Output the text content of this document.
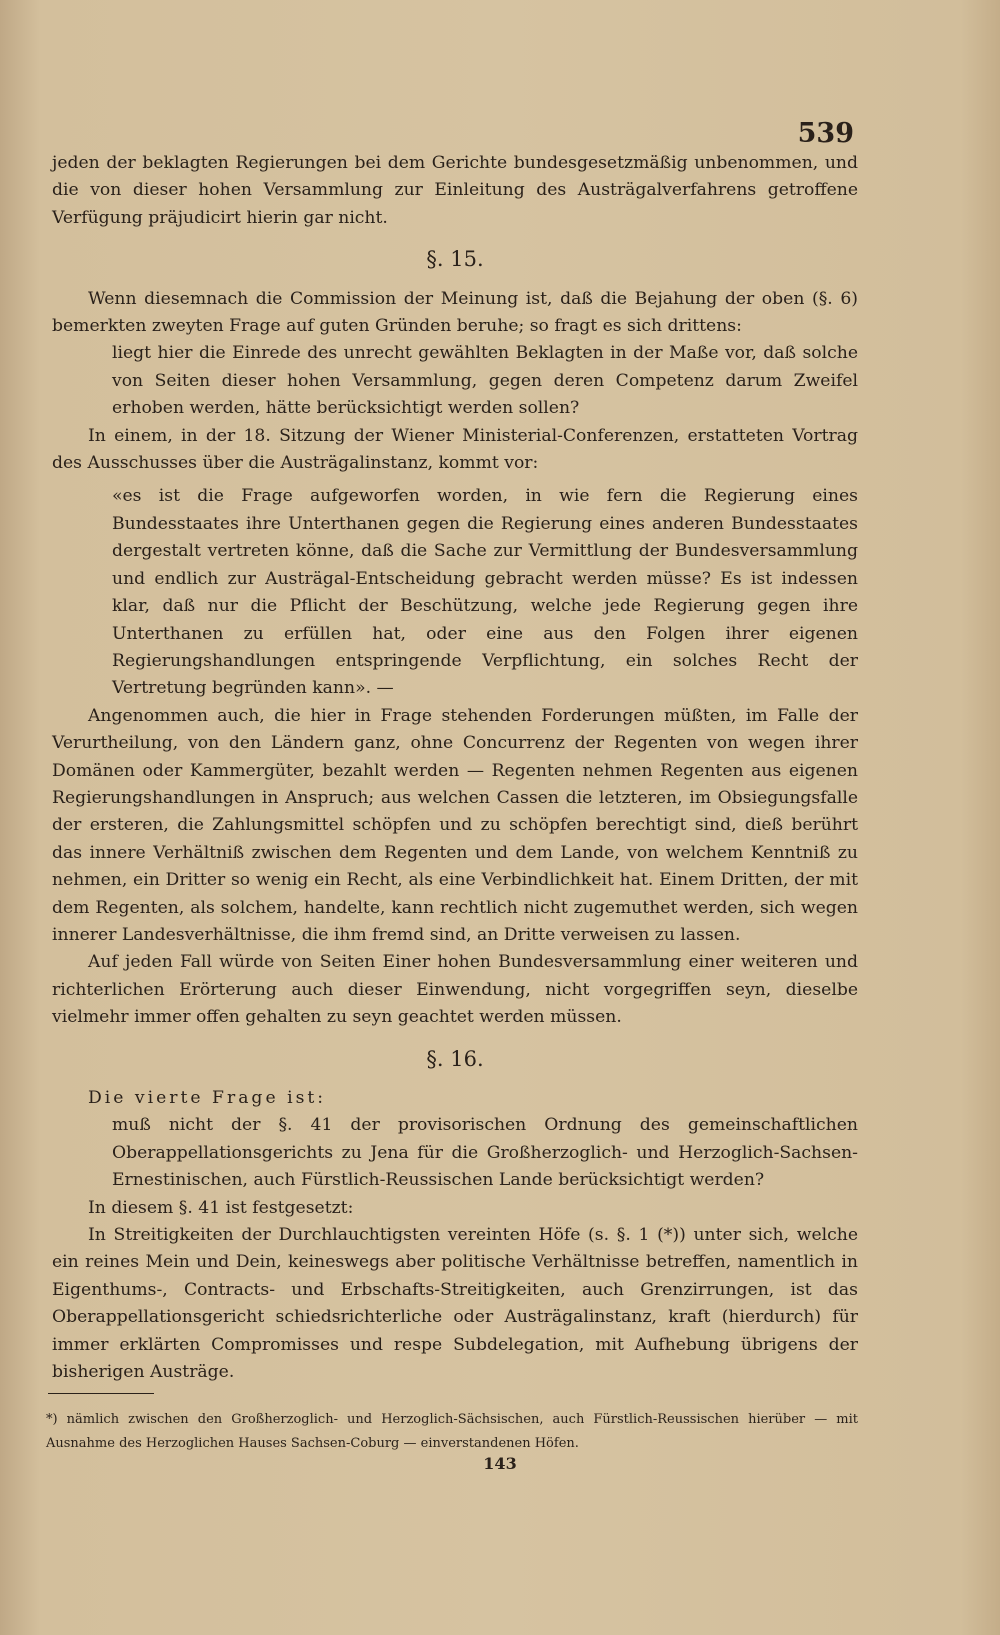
539

jeden der beklagten Regierungen bei dem Gerichte bundesgesetzmäßig unbenommen, und die von dieser hohen Versammlung zur Einleitung des Austrägalverfahrens getroffene Verfügung präjudicirt hierin gar nicht.

§. 15.

Wenn diesemnach die Commission der Meinung ist, daß die Bejahung der oben (§. 6) bemerkten zweyten Frage auf guten Gründen beruhe; so fragt es sich drittens:

liegt hier die Einrede des unrecht gewählten Beklagten in der Maße vor, daß solche von Seiten dieser hohen Versammlung, gegen deren Competenz darum Zweifel erhoben werden, hätte berücksichtigt werden sollen?

In einem, in der 18. Sitzung der Wiener Ministerial-Conferenzen, erstatteten Vortrag des Ausschusses über die Austrägalinstanz, kommt vor:

«es ist die Frage aufgeworfen worden, in wie fern die Regierung eines Bundesstaates ihre Unterthanen gegen die Regierung eines anderen Bundesstaates dergestalt vertreten könne, daß die Sache zur Vermittlung der Bundesversammlung und endlich zur Austrägal-Entscheidung gebracht werden müsse? Es ist indessen klar, daß nur die Pflicht der Beschützung, welche jede Regierung gegen ihre Unterthanen zu erfüllen hat, oder eine aus den Folgen ihrer eigenen Regierungshandlungen entspringende Verpflichtung, ein solches Recht der Vertretung begründen kann». —

Angenommen auch, die hier in Frage stehenden Forderungen müßten, im Falle der Verurtheilung, von den Ländern ganz, ohne Concurrenz der Regenten von wegen ihrer Domänen oder Kammergüter, bezahlt werden — Regenten nehmen Regenten aus eigenen Regierungshandlungen in Anspruch; aus welchen Cassen die letzteren, im Obsiegungsfalle der ersteren, die Zahlungsmittel schöpfen und zu schöpfen berechtigt sind, dieß berührt das innere Verhältniß zwischen dem Regenten und dem Lande, von welchem Kenntniß zu nehmen, ein Dritter so wenig ein Recht, als eine Verbindlichkeit hat. Einem Dritten, der mit dem Regenten, als solchem, handelte, kann rechtlich nicht zugemuthet werden, sich wegen innerer Landesverhältnisse, die ihm fremd sind, an Dritte verweisen zu lassen.

Auf jeden Fall würde von Seiten Einer hohen Bundesversammlung einer weiteren und richterlichen Erörterung auch dieser Einwendung, nicht vorgegriffen seyn, dieselbe vielmehr immer offen gehalten zu seyn geachtet werden müssen.

§. 16.

Die vierte Frage ist:

muß nicht der §. 41 der provisorischen Ordnung des gemeinschaftlichen Oberappellationsgerichts zu Jena für die Großherzoglich- und Herzoglich-Sachsen-Ernestinischen, auch Fürstlich-Reussischen Lande berücksichtigt werden?

In diesem §. 41 ist festgesetzt:

In Streitigkeiten der Durchlauchtigsten vereinten Höfe (s. §. 1 (*)) unter sich, welche ein reines Mein und Dein, keineswegs aber politische Verhältnisse betreffen, namentlich in Eigenthums-, Contracts- und Erbschafts-Streitigkeiten, auch Grenzirrungen, ist das Oberappellationsgericht schiedsrichterliche oder Austrägalinstanz, kraft (hierdurch) für immer erklärten Compromisses und respe Subdelegation, mit Aufhebung übrigens der bisherigen Austräge.

*) nämlich zwischen den Großherzoglich- und Herzoglich-Sächsischen, auch Fürstlich-Reussischen hierüber — mit Ausnahme des Herzoglichen Hauses Sachsen-Coburg — einverstandenen Höfen.

143
